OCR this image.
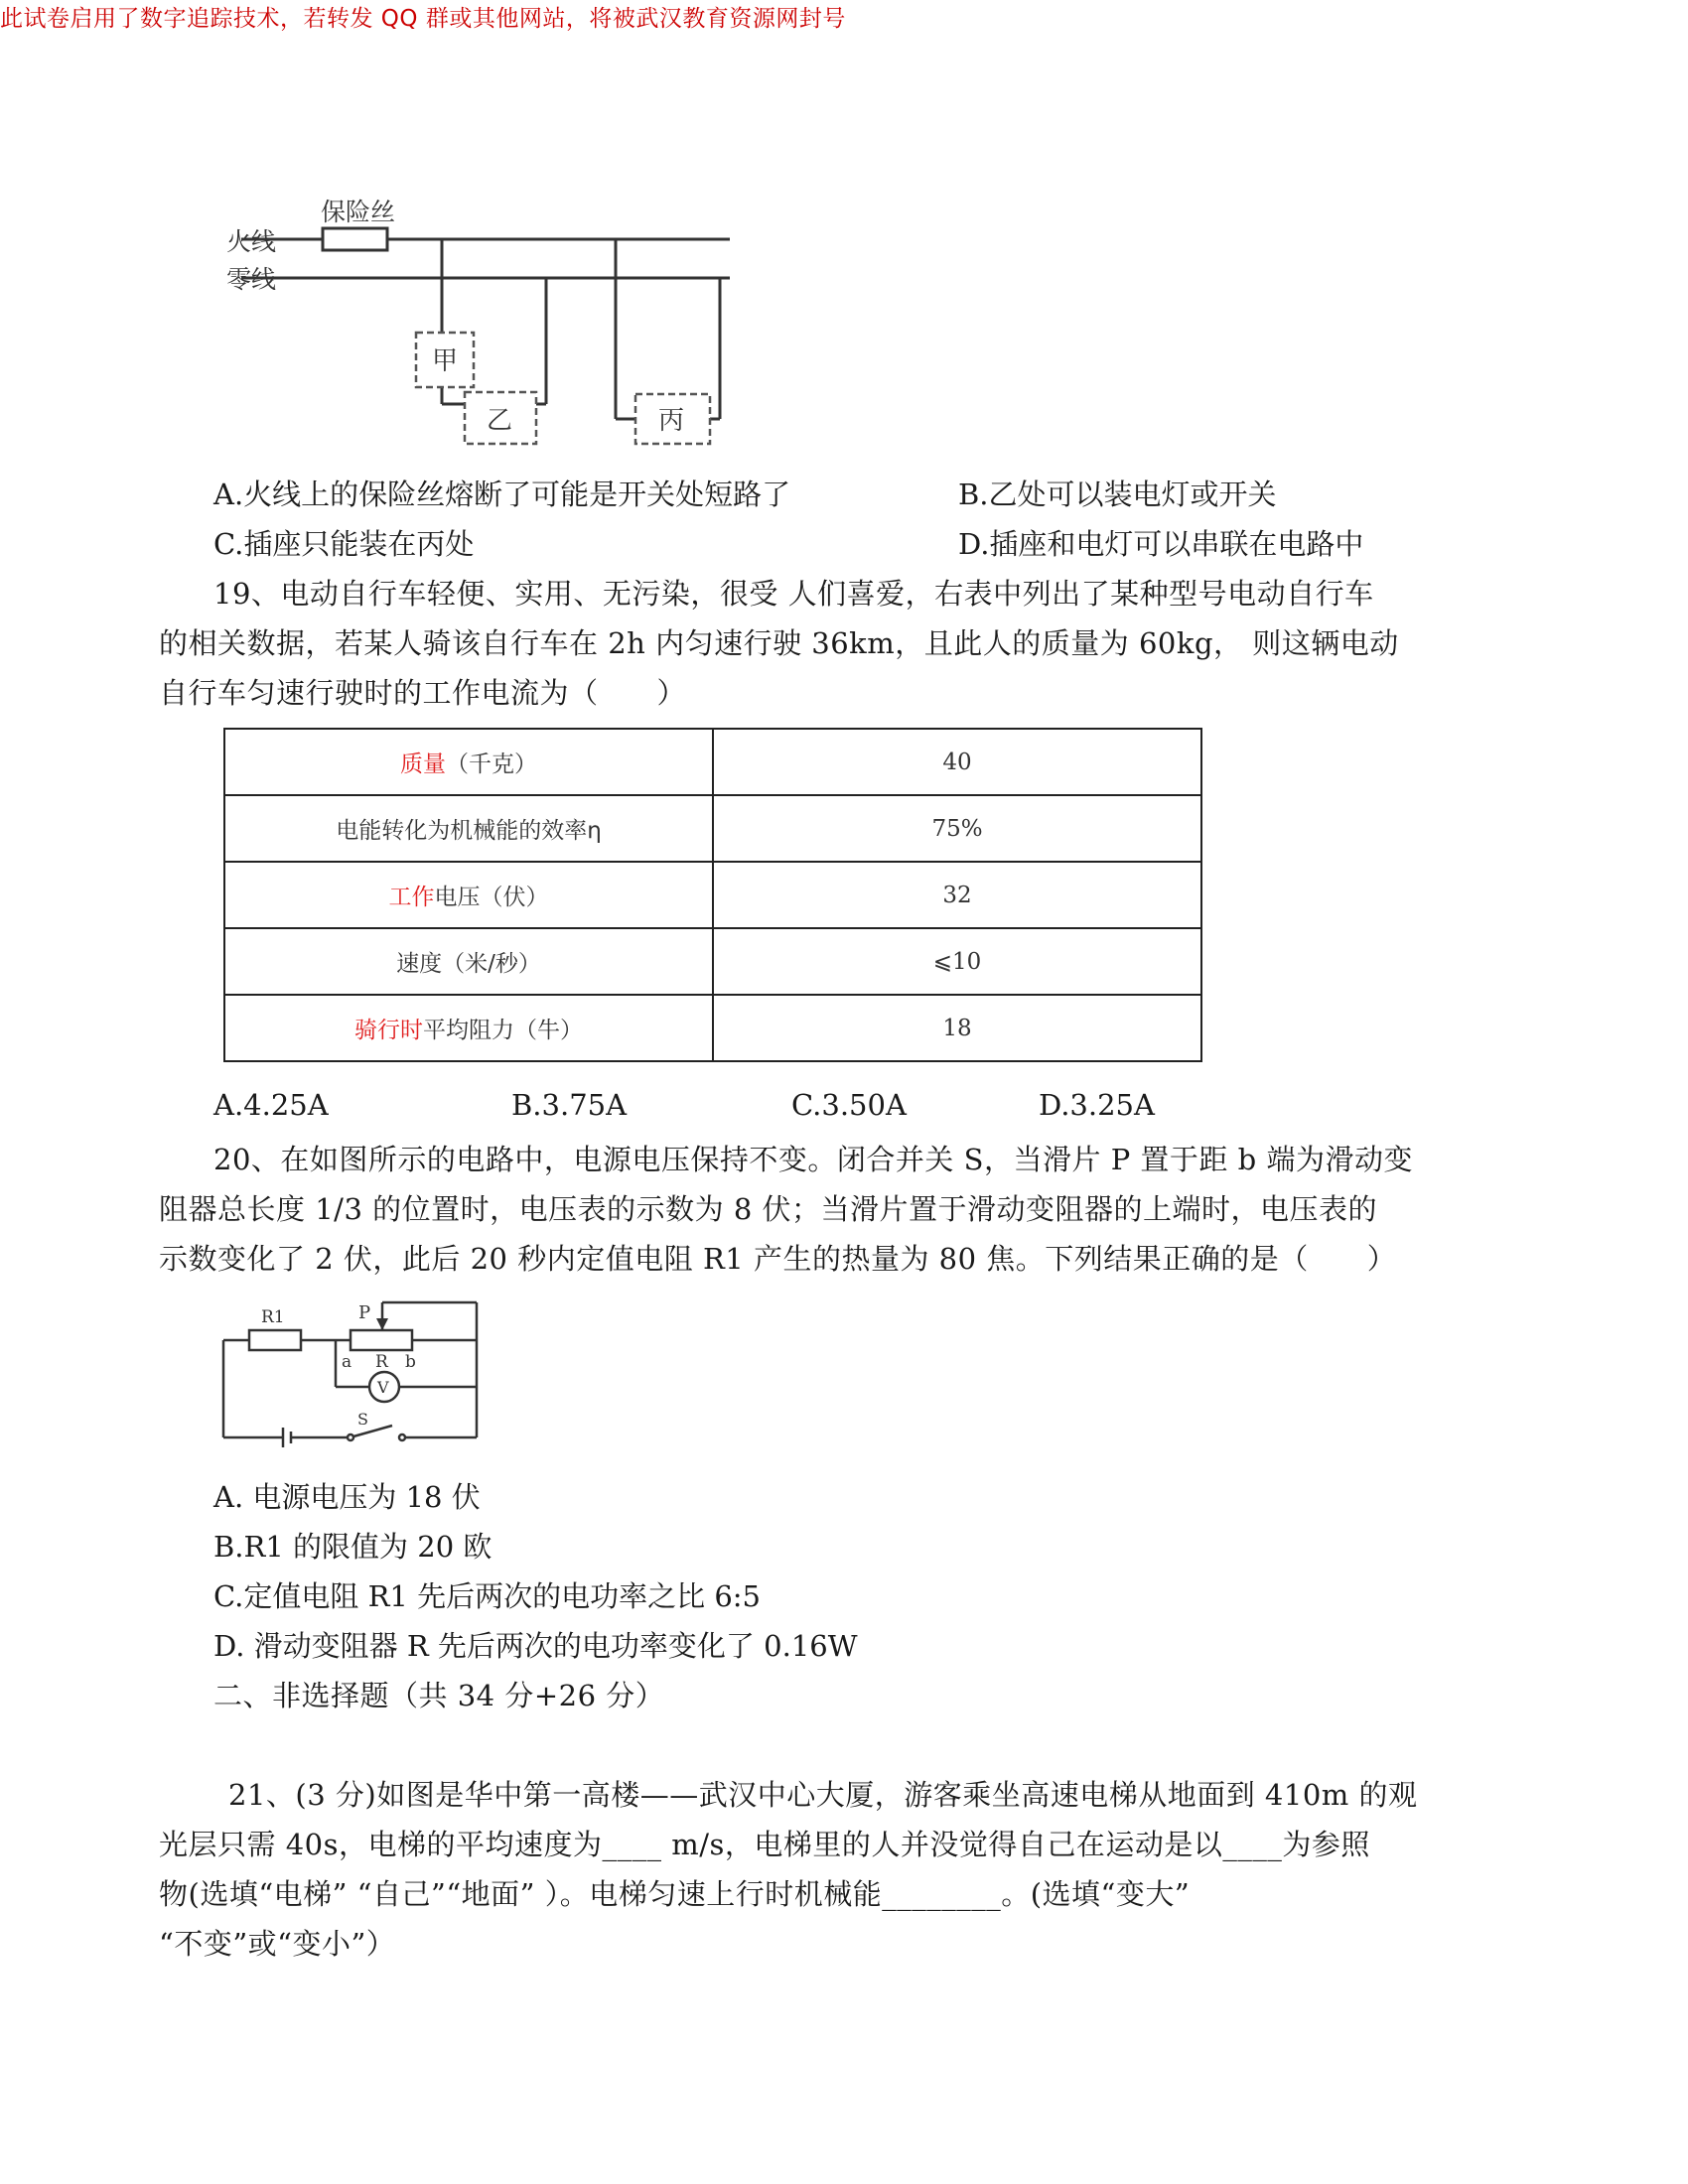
此试卷启用了数字追踪技术，若转发 QQ 群或其他网站，将被武汉教育资源网封号
火线
零线
保险丝
甲
乙	丙
A.火线上的保险丝熔断了可能是开关处短路了	B.乙处可以装电灯或开关
C.插座只能装在丙处	D.插座和电灯可以串联在电路中
19、电动自行车轻便、实用、无污染，很受 人们喜爱，右表中列出了某种型号电动自行车
的相关数据，若某人骑该自行车在 2h 内匀速行驶 36km，且此人的质量为 60kg， 则这辆电动
自行车匀速行驶时的工作电流为（　　）
质量（千克）	40
电能转化为机械能的效率η	75%
工作电压（伏）	32
速度（米/秒）	⩽10
骑行时平均阻力（牛）	18
A.4.25A	B.3.75A	C.3.50A	D.3.25A
20、在如图所示的电路中，电源电压保持不变。闭合并关 S，当滑片 P 置于距 b 端为滑动变
阻器总长度 1/3 的位置时，电压表的示数为 8 伏；当滑片置于滑动变阻器的上端时，电压表的
示数变化了 2 伏，此后 20 秒内定值电阻 R1 产生的热量为 80 焦。下列结果正确的是（　　）
R1	P
a R b
V
S
A. 电源电压为 18 伏
B.R1 的限值为 20 欧
C.定值电阻 R1 先后两次的电功率之比 6:5
D. 滑动变阻器 R 先后两次的电功率变化了 0.16W
二、非选择题（共 34 分+26 分）
21、(3 分)如图是华中第一高楼——武汉中心大厦，游客乘坐高速电梯从地面到 410m 的观
光层只需 40s，电梯的平均速度为____ m/s，电梯里的人并没觉得自己在运动是以____为参照
物(选填“电梯” “自己”“地面” ）。电梯匀速上行时机械能________。(选填“变大”
“不变”或“变小”）
